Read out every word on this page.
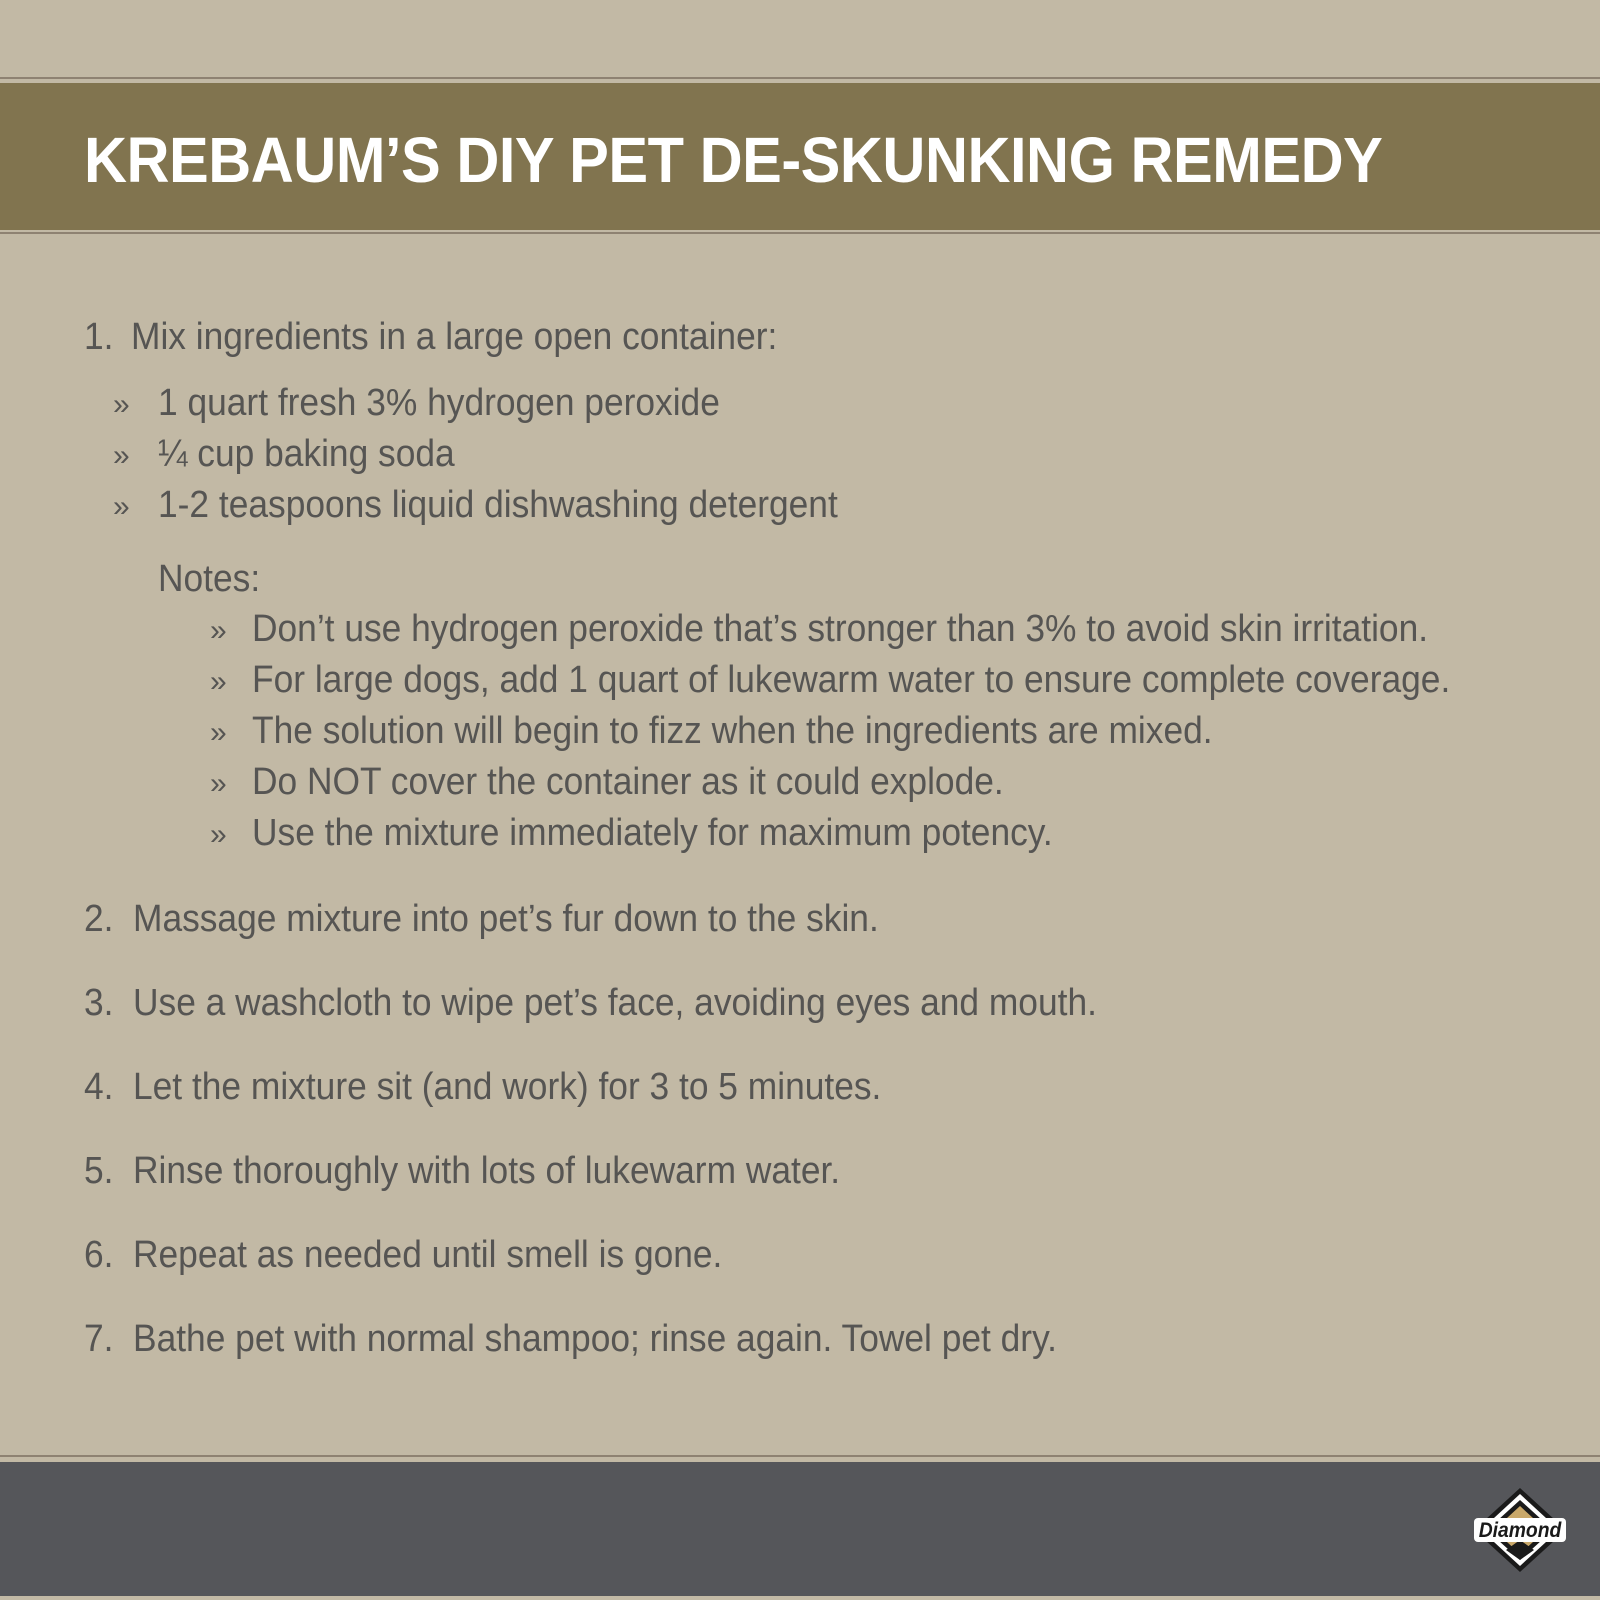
KREBAUM’S DIY PET DE-SKUNKING REMEDY
1. Mix ingredients in a large open container:
» 1 quart fresh 3% hydrogen peroxide
» ¼ cup baking soda
» 1-2 teaspoons liquid dishwashing detergent
Notes:
» Don’t use hydrogen peroxide that’s stronger than 3% to avoid skin irritation.
» For large dogs, add 1 quart of lukewarm water to ensure complete coverage.
» The solution will begin to fizz when the ingredients are mixed.
» Do NOT cover the container as it could explode.
» Use the mixture immediately for maximum potency.
2. Massage mixture into pet’s fur down to the skin.
3. Use a washcloth to wipe pet’s face, avoiding eyes and mouth.
4. Let the mixture sit (and work) for 3 to 5 minutes.
5. Rinse thoroughly with lots of lukewarm water.
6. Repeat as needed until smell is gone.
7. Bathe pet with normal shampoo; rinse again. Towel pet dry.
Diamond
